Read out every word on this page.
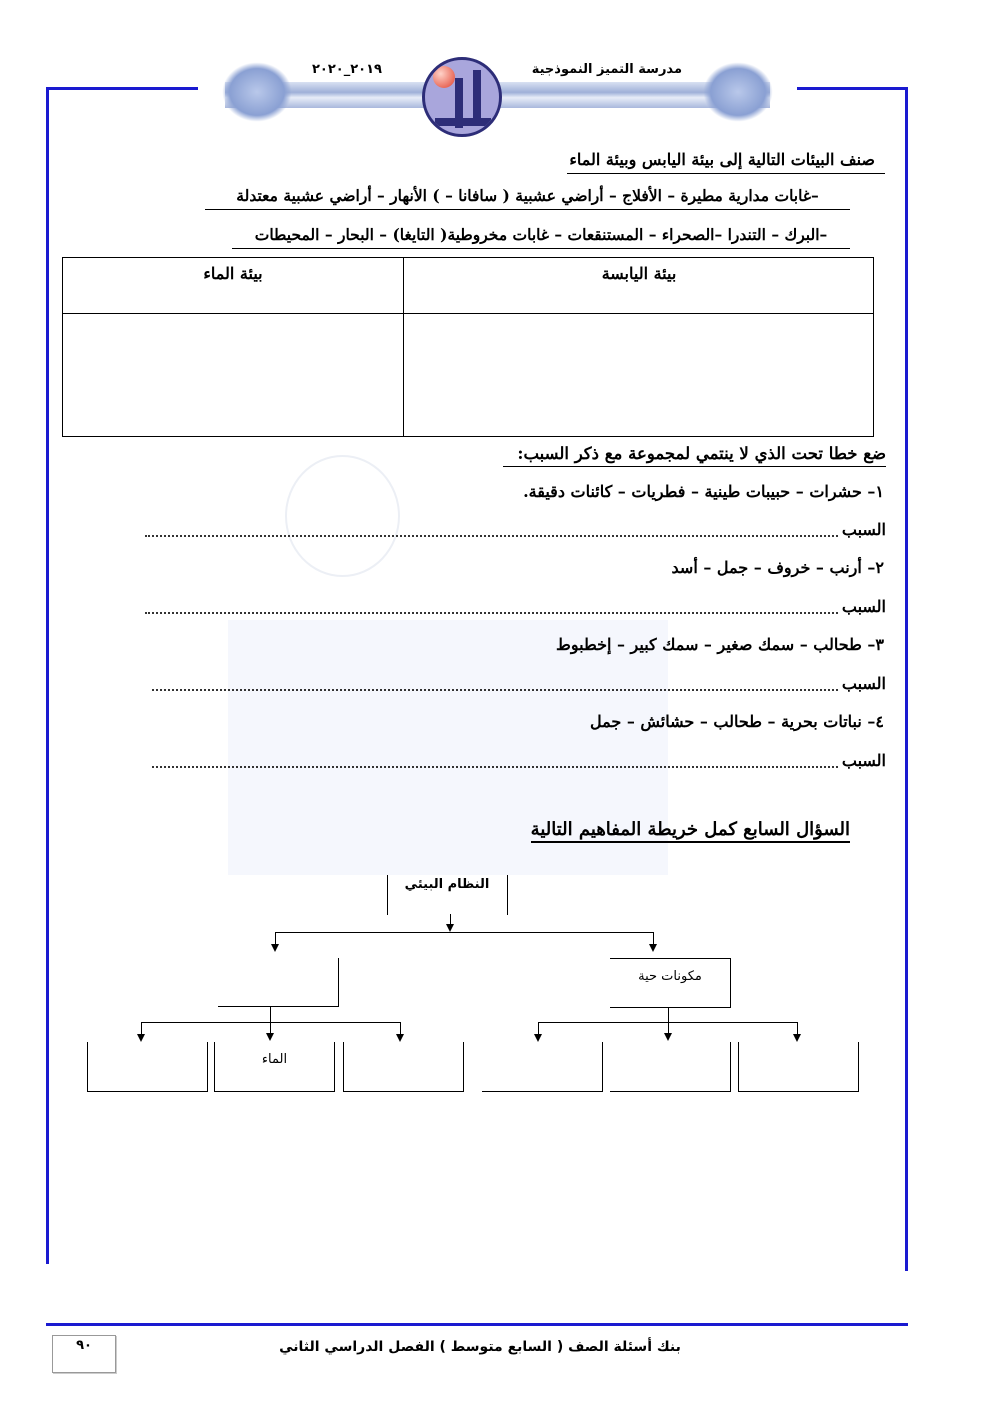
مدرسة التميز النموذجية
٢٠١٩_٢٠٢٠
صنف البيئات التالية إلى بيئة اليابس وبيئة الماء
–غابات مدارية مطيرة – الأفلاج – أراضي عشبية ( سافانا – ) الأنهار – أراضي عشبية معتدلة
–البرك – التندرا –الصحراء – المستنقعات – غابات مخروطية( التايغا) – البحار – المحيطات
بيئة الماء	بيئة اليابسة
ضع خطا تحت الذي لا ينتمي لمجموعة مع ذكر السبب:
١– حشرات – حبيبات طينية – فطريات – كائنات دقيقة.
السبب
٢– أرنب – خروف – جمل – أسد
السبب
٣– طحالب – سمك صغير – سمك كبير – إخطبوط
السبب
٤– نباتات بحرية – طحالب – حشائش – جمل
السبب
السؤال السابع كمل خريطة المفاهيم التالية
النظام البيئي
مكونات حية
الماء
٩٠	بنك أسئلة الصف ( السابع متوسط ) الفصل الدراسي الثاني
